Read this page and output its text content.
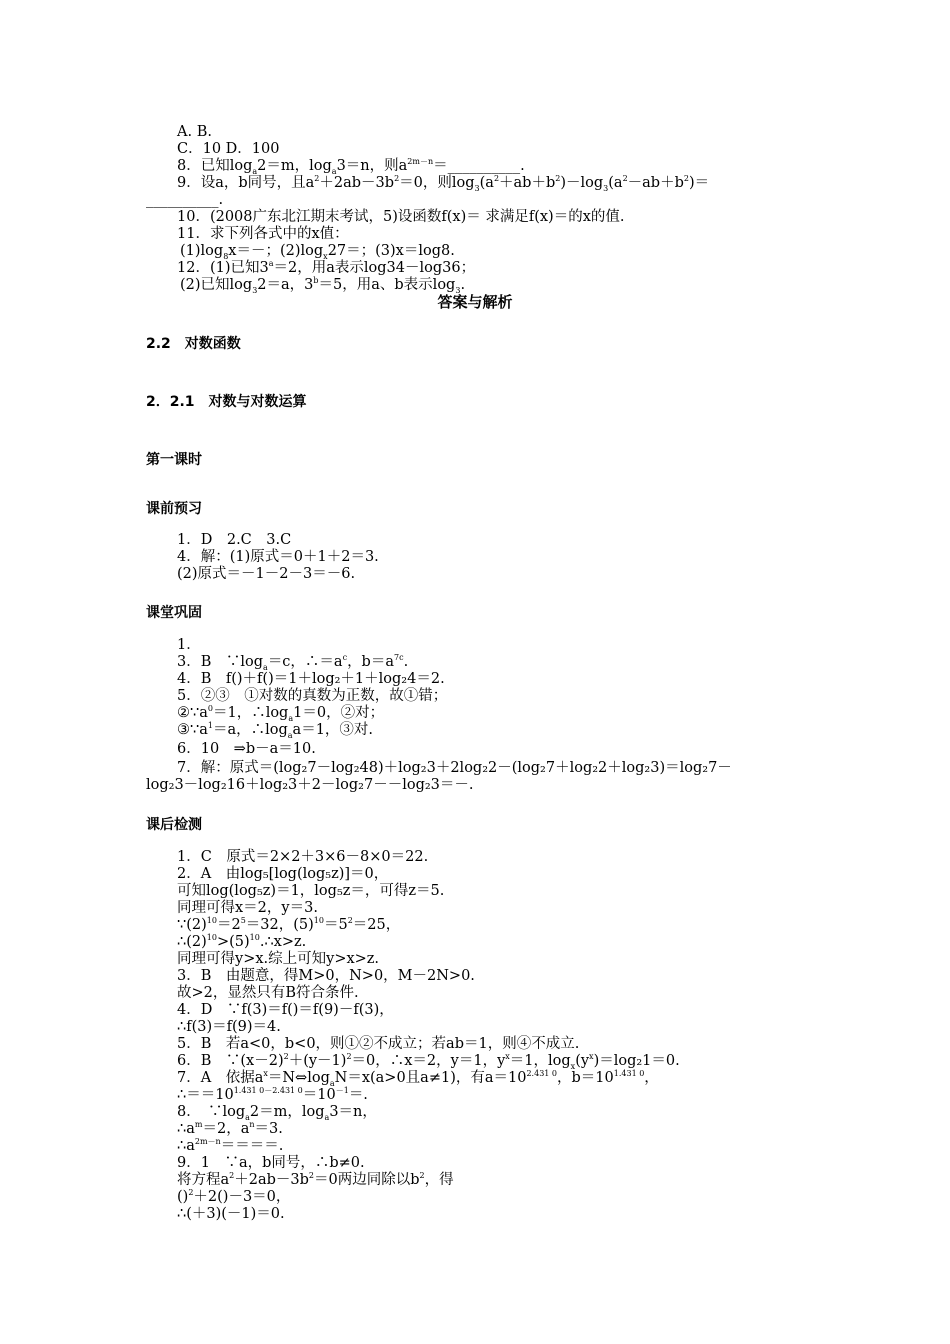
A. B.
C．10 D．100
8．已知$\log_a2=m$，$\log_a3=n$，则$a^{2m-n}=\_\_\_\_\_\_\_\_\_\_$.
9．设a，b同号，且$a^2+2ab-3b^2=0$，则$\log_3(a^2+ab+b^2)-\log_3(a^2-ab+b^2)=$
__________.
10．(2008广东北江期末考试，5)设函数f(x)＝ 求满足f(x)＝的x的值.
11．求下列各式中的x值：
$(1)\log_8x=-$；$(2)\log_x27=$；(3)x＝log8.
12．(1)已知$3^a=2$，用a表示log34－log36；
(2)已知$\log_32=a$，$3^b=5$，用a、b表示$\log_3$.
答案与解析
2.2　对数函数
2．2.1　对数与对数运算
第一课时
课前预习
1．D　2.C　3.C
4．解：(1)原式＝0＋1＋2＝3.
(2)原式＝－1－2－3＝－6.
课堂巩固
1．
3．B　$\because\log_a=c$，$\therefore=a^c$，$b=a^{7c}$.
4．B　f()＋f()＝1＋log₂＋1＋log₂4＝2.
5．②③　①对数的真数为正数，故①错；
$②\because a^0=1$，$\therefore\log_a1=0$，②对；
$③\because a^1=a$，$\therefore\log_aa=1$，③对.
6．10　⇒b－a＝10.
7．解：原式＝(log₂7－log₂48)＋log₂3＋2log₂2－(log₂7＋log₂2＋log₂3)＝log₂7－
log₂3－log₂16＋log₂3＋2－log₂7－－log₂3＝－.
课后检测
1．C　原式＝2×2＋3×6－8×0＝22.
2．A　由log₅[log(log₅z)]＝0，
可知log(log₅z)＝1，log₅z＝，可得z＝5.
同理可得x＝2，y＝3.
$\because(2)^{10}=2^5=32$，$(5)^{10}=5^2=25$，
$\therefore(2)^{10}>(5)^{10}.\therefore x>z$.
同理可得y>x.综上可知y>x>z.
3．B　由题意，得M>0，N>0，M－2N>0.
故>2，显然只有B符合条件.
4．D　∵f(3)＝f()＝f(9)－f(3)，
∴f(3)＝f(9)＝4.
5．B　若a<0，b<0，则①②不成立；若ab＝1，则④不成立.
6．B　$\because(x-2)^2+(y-1)^2=0$，∴x＝2，y＝1，$y^x=1$，$\log_x(y^x)=\log_21=0$.
7．A　依据$a^x=N\Leftrightarrow\log_aN=x(a>0$且a≠1)，有$a=10^{2.431 0}$，$b=10^{1.431 0}$，
$\therefore==10^{1.431 0-2.431 0}=10^{-1}=$.
8．　$\because\log_a2=m$，$\log_a3=n$，
$\therefore a^m=2$，$a^n=3$.
$\therefore a^{2m-n}====$.
9．1　∵a，b同号，∴b≠0.
将方程$a^2+2ab-3b^2=0$两边同除以$b^2$，得
()$^2$＋2()－3＝0，
∴(＋3)(－1)＝0.
